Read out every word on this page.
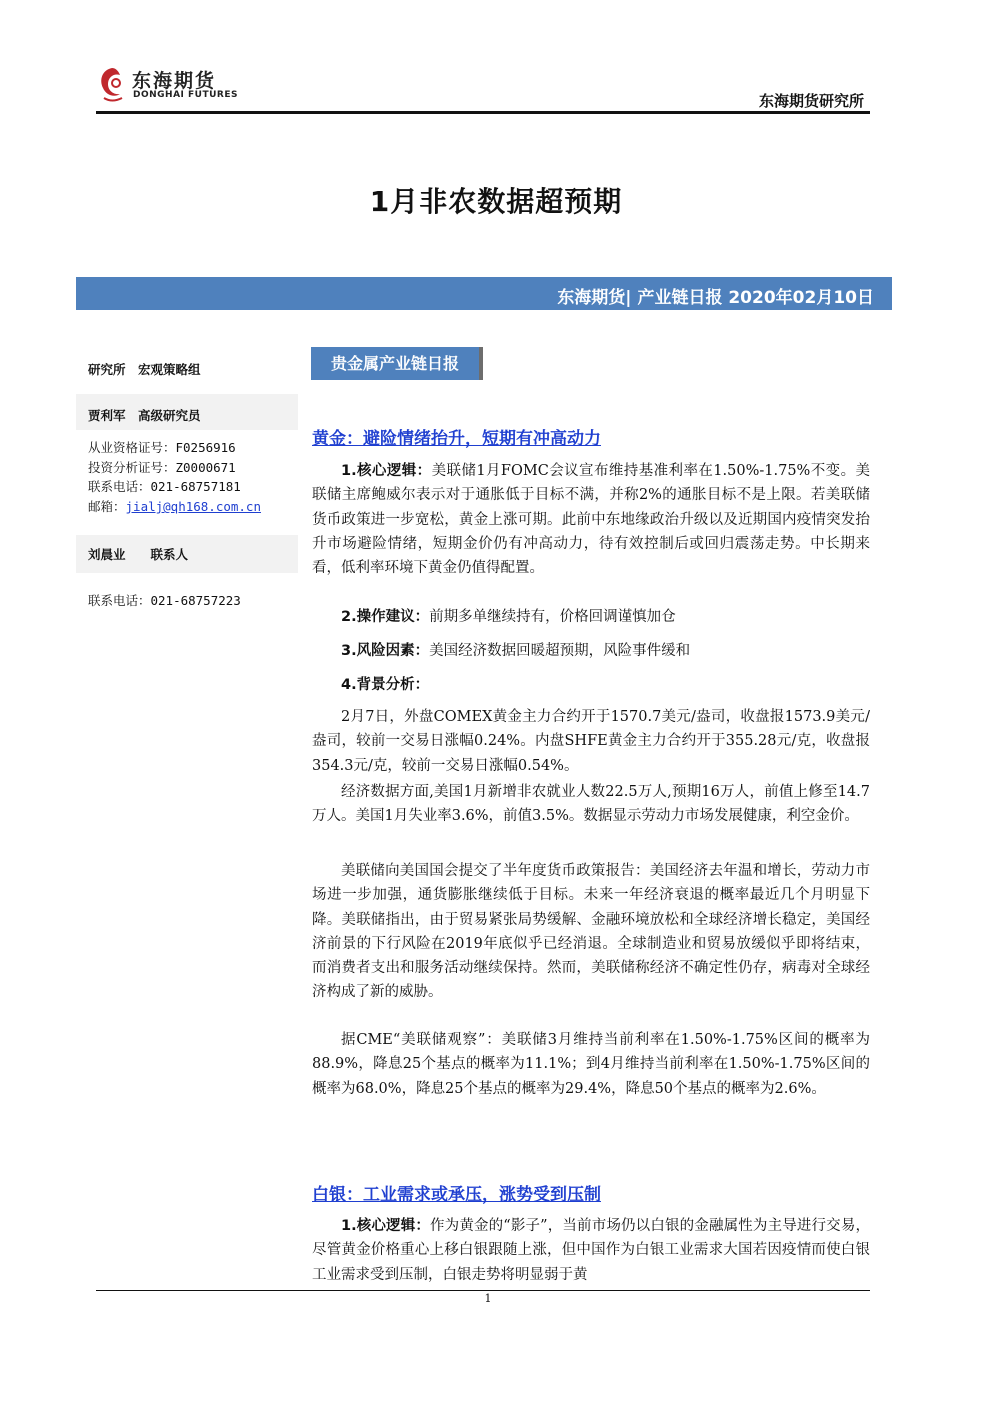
东海期货
DONGHAI FUTURES	东海期货研究所
1月非农数据超预期
东海期货| 产业链日报 2020年02月10日
研究所　宏观策略组
贾利军　高级研究员
从业资格证号：F0256916
投资分析证号：Z0000671
联系电话：021-68757181
邮箱：jialj@qh168.com.cn
刘晨业　　联系人
联系电话：021-68757223
贵金属产业链日报
黄金：避险情绪抬升，短期有冲高动力
1.核心逻辑：美联储1月FOMC会议宣布维持基准利率在1.50%-1.75%不变。美联储主席鲍威尔表示对于通胀低于目标不满，并称2%的通胀目标不是上限。若美联储货币政策进一步宽松，黄金上涨可期。此前中东地缘政治升级以及近期国内疫情突发抬升市场避险情绪，短期金价仍有冲高动力，待有效控制后或回归震荡走势。中长期来看，低利率环境下黄金仍值得配置。
2.操作建议：前期多单继续持有，价格回调谨慎加仓
3.风险因素：美国经济数据回暖超预期，风险事件缓和
4.背景分析：
2月7日，外盘COMEX黄金主力合约开于1570.7美元/盎司，收盘报1573.9美元/盎司，较前一交易日涨幅0.24%。内盘SHFE黄金主力合约开于355.28元/克，收盘报354.3元/克，较前一交易日涨幅0.54%。
经济数据方面,美国1月新增非农就业人数22.5万人,预期16万人，前值上修至14.7万人。美国1月失业率3.6%，前值3.5%。数据显示劳动力市场发展健康，利空金价。
美联储向美国国会提交了半年度货币政策报告：美国经济去年温和增长，劳动力市场进一步加强，通货膨胀继续低于目标。未来一年经济衰退的概率最近几个月明显下降。美联储指出，由于贸易紧张局势缓解、金融环境放松和全球经济增长稳定，美国经济前景的下行风险在2019年底似乎已经消退。全球制造业和贸易放缓似乎即将结束，而消费者支出和服务活动继续保持。然而，美联储称经济不确定性仍存，病毒对全球经济构成了新的威胁。
据CME“美联储观察”：美联储3月维持当前利率在1.50%-1.75%区间的概率为88.9%，降息25个基点的概率为11.1%；到4月维持当前利率在1.50%-1.75%区间的概率为68.0%，降息25个基点的概率为29.4%，降息50个基点的概率为2.6%。
白银：工业需求或承压，涨势受到压制
1.核心逻辑：作为黄金的“影子”，当前市场仍以白银的金融属性为主导进行交易，尽管黄金价格重心上移白银跟随上涨，但中国作为白银工业需求大国若因疫情而使白银工业需求受到压制，白银走势将明显弱于黄
1
